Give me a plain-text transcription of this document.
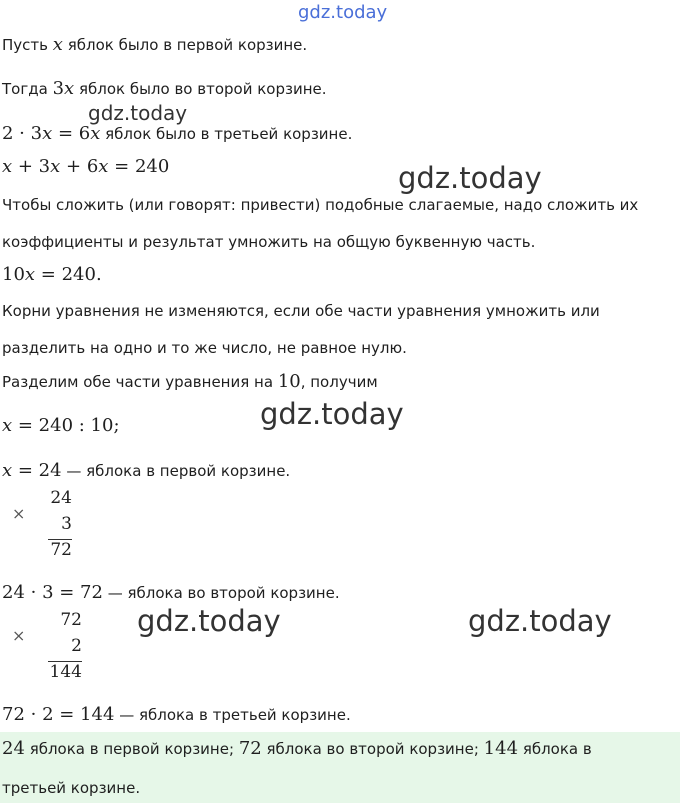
gdz.today
gdz.today
gdz.today
gdz.today
gdz.today	gdz.today
Пусть x яблок было в первой корзине.
Тогда 3x яблок было во второй корзине.
2 · 3x = 6x яблок было в третьей корзине.
x + 3x + 6x = 240
Чтобы сложить (или говорят: привести) подобные слагаемые, надо сложить их
коэффициенты и результат умножить на общую буквенную часть.
10x = 240.
Корни уравнения не изменяются, если обе части уравнения умножить или
разделить на одно и то же число, не равное нулю.
Разделим обе части уравнения на 10, получим
x = 240 : 10;
x = 24 — яблока в первой корзине.
×
24
3
72
24 · 3 = 72 — яблока во второй корзине.
×
72
2
144
72 · 2 = 144 — яблока в третьей корзине.
24 яблока в первой корзине; 72 яблока во второй корзине; 144 яблока в
третьей корзине.
